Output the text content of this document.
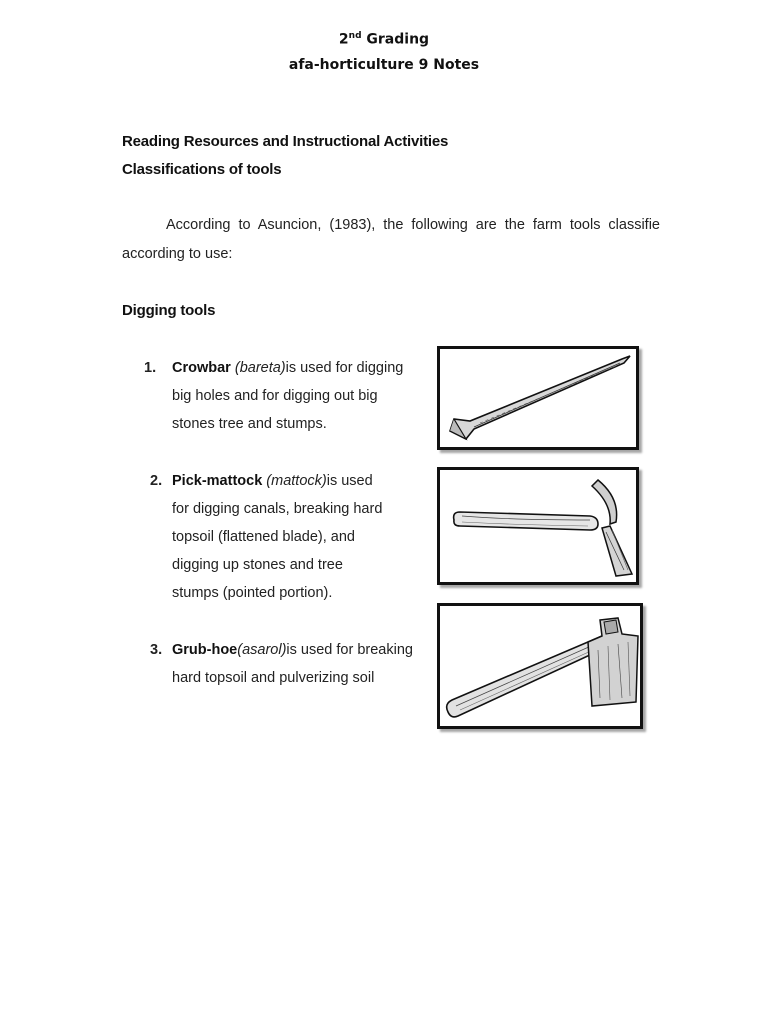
2nd Grading
afa-horticulture 9 Notes
Reading Resources and Instructional Activities
Classifications of tools
According to Asuncion, (1983), the following are the farm tools classifie
according to use:
Digging tools
1. Crowbar (bareta)is used for digging
big holes and for digging out big
stones tree and stumps.
2. Pick-mattock (mattock)is used
for digging canals, breaking hard
topsoil (flattened blade), and
digging up stones and tree
stumps (pointed portion).
3. Grub-hoe(asarol)is used for breaking
hard topsoil and pulverizing soil
